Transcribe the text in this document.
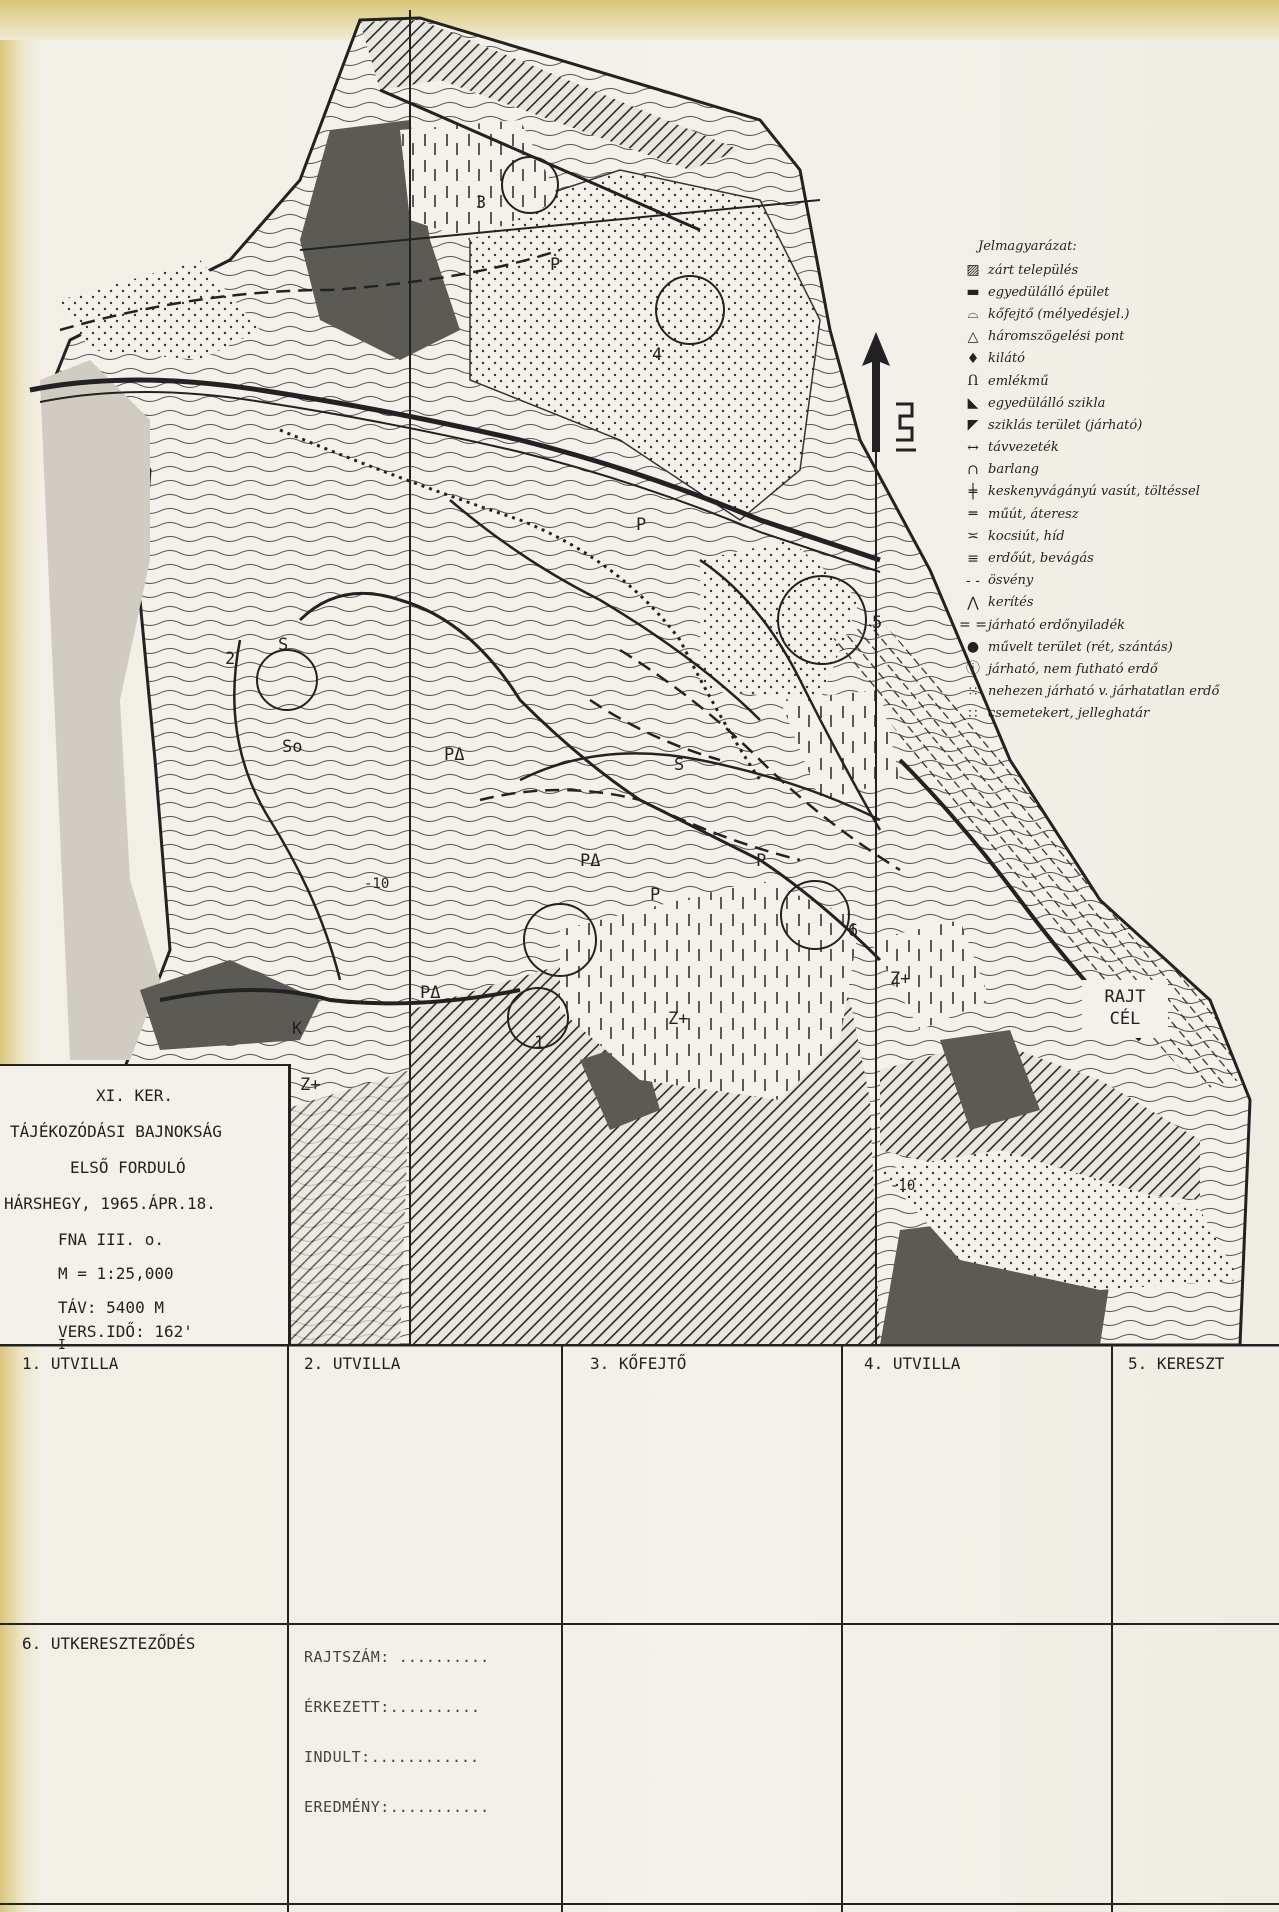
1
2
3
4
5
6
P
P
P
P
PΔ
PΔ
PΔ
S
S
So
Z+
Z+
Z+
K
-10
-10
Jelmagyarázat:
▨ zárt település
▬ egyedülálló épület
⌓ kőfejtő (mélyedésjel.)
△ háromszögelési pont
♦ kilátó
Ո emlékmű
◣ egyedülálló szikla
◤ sziklás terület (járható)
↔ távvezeték
∩ barlang
╪ keskenyvágányú vasút, töltéssel
═ műút, áteresz
≍ kocsiút, híd
≡ erdőút, bevágás
- - ösvény
⋀ kerítés
= = járható erdőnyiladék
● művelt terület (rét, szántás)
ⓘ járható, nem futható erdő
⁙ nehezen járható v. járhatatlan erdő
∷ csemetekert, jelleghatár
RAJT
CÉL
XI. KER.
TÁJÉKOZÓDÁSI BAJNOKSÁG
ELSŐ FORDULÓ
HÁRSHEGY, 1965.ÁPR.18.
FNA III. o.
M = 1:25,000
TÁV: 5400 M
VERS.IDŐ: 162'
I
1. UTVILLA	2. UTVILLA	3. KŐFEJTŐ	4. UTVILLA	5. KERESZT
6. UTKERESZTEZŐDÉS
RAJTSZÁM: ..........
ÉRKEZETT:..........
INDULT:............
EREDMÉNY:...........
